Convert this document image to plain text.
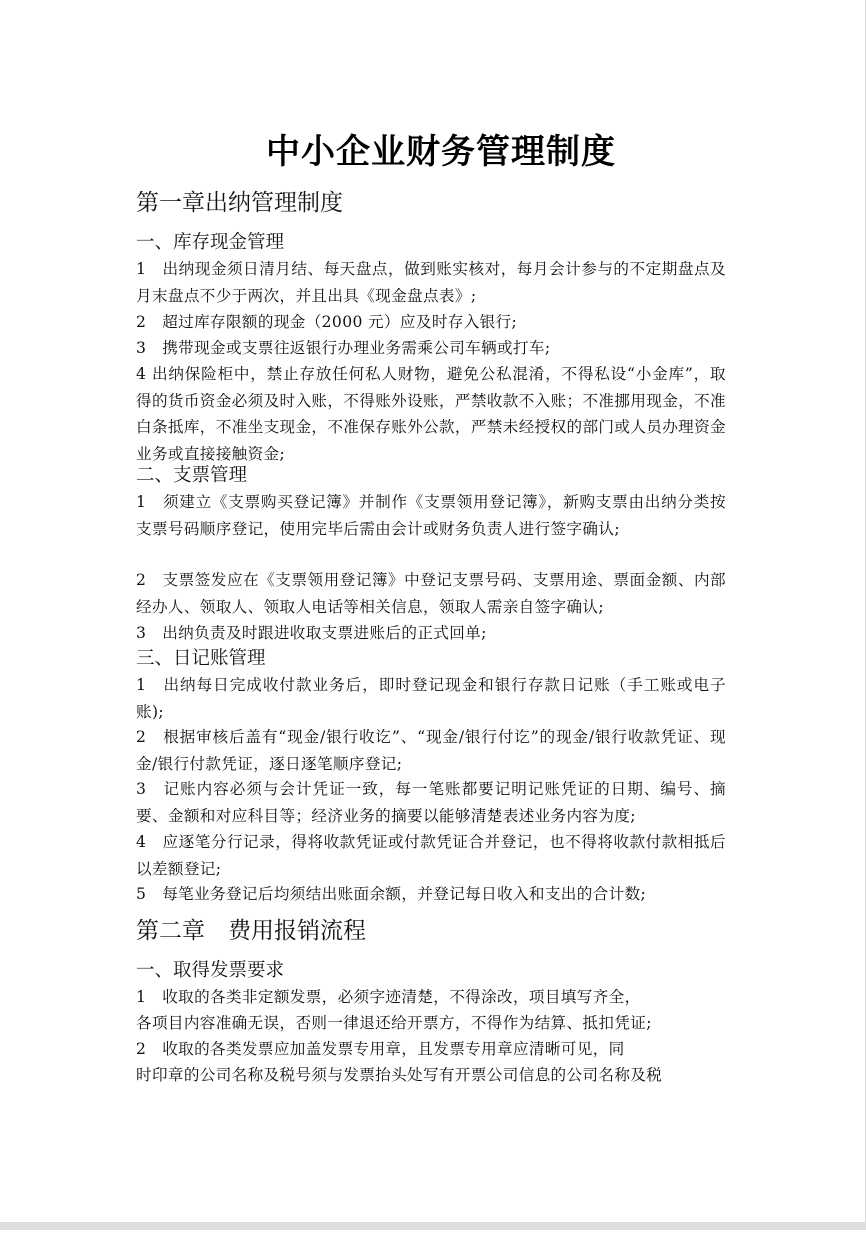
中小企业财务管理制度
第一章出纳管理制度
一、库存现金管理
1　出纳现金须日清月结、每天盘点，做到账实核对，每月会计参与的不定期盘点及月末盘点不少于两次，并且出具《现金盘点表》;
2　超过库存限额的现金（2000 元）应及时存入银行;
3　携带现金或支票往返银行办理业务需乘公司车辆或打车;
4 出纳保险柜中，禁止存放任何私人财物，避免公私混淆，不得私设“小金库”，取得的货币资金必须及时入账，不得账外设账，严禁收款不入账；不准挪用现金，不准白条抵库，不准坐支现金，不准保存账外公款，严禁未经授权的部门或人员办理资金业务或直接接触资金;
二、支票管理
1　须建立《支票购买登记簿》并制作《支票领用登记簿》，新购支票由出纳分类按支票号码顺序登记，使用完毕后需由会计或财务负责人进行签字确认;
2　支票签发应在《支票领用登记簿》中登记支票号码、支票用途、票面金额、内部经办人、领取人、领取人电话等相关信息，领取人需亲自签字确认;
3　出纳负责及时跟进收取支票进账后的正式回单;
三、日记账管理
1　出纳每日完成收付款业务后，即时登记现金和银行存款日记账（手工账或电子账);
2　根据审核后盖有“现金/银行收讫”、“现金/银行付讫”的现金/银行收款凭证、现金/银行付款凭证，逐日逐笔顺序登记;
3　记账内容必须与会计凭证一致，每一笔账都要记明记账凭证的日期、编号、摘要、金额和对应科目等；经济业务的摘要以能够清楚表述业务内容为度;
4　应逐笔分行记录，得将收款凭证或付款凭证合并登记，也不得将收款付款相抵后以差额登记;
5　每笔业务登记后均须结出账面余额，并登记每日收入和支出的合计数;
第二章　费用报销流程
一、取得发票要求
1　收取的各类非定额发票，必须字迹清楚，不得涂改，项目填写齐全，
各项目内容准确无误，否则一律退还给开票方，不得作为结算、抵扣凭证;
2　收取的各类发票应加盖发票专用章，且发票专用章应清晰可见，同
时印章的公司名称及税号须与发票抬头处写有开票公司信息的公司名称及税
